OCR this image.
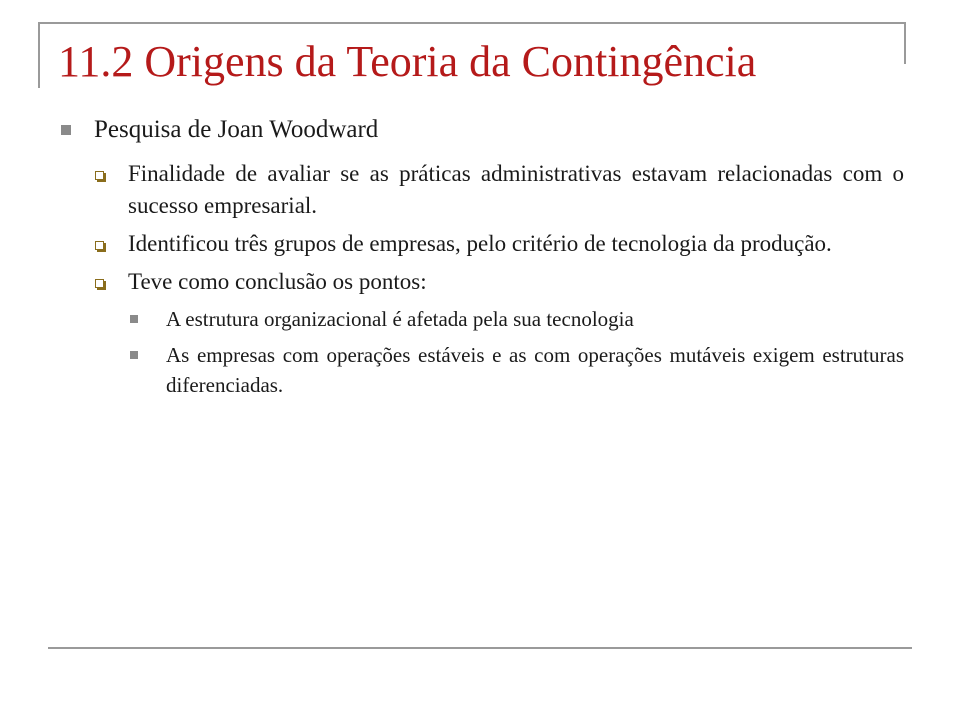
11.2 Origens da Teoria da Contingência
Pesquisa de Joan Woodward
Finalidade de avaliar se as práticas administrativas estavam relacionadas com o sucesso empresarial.
Identificou três grupos de empresas, pelo critério de tecnologia da produção.
Teve como conclusão os pontos:
A estrutura organizacional é afetada pela sua tecnologia
As empresas com operações estáveis e as com operações mutáveis exigem estruturas diferenciadas.
